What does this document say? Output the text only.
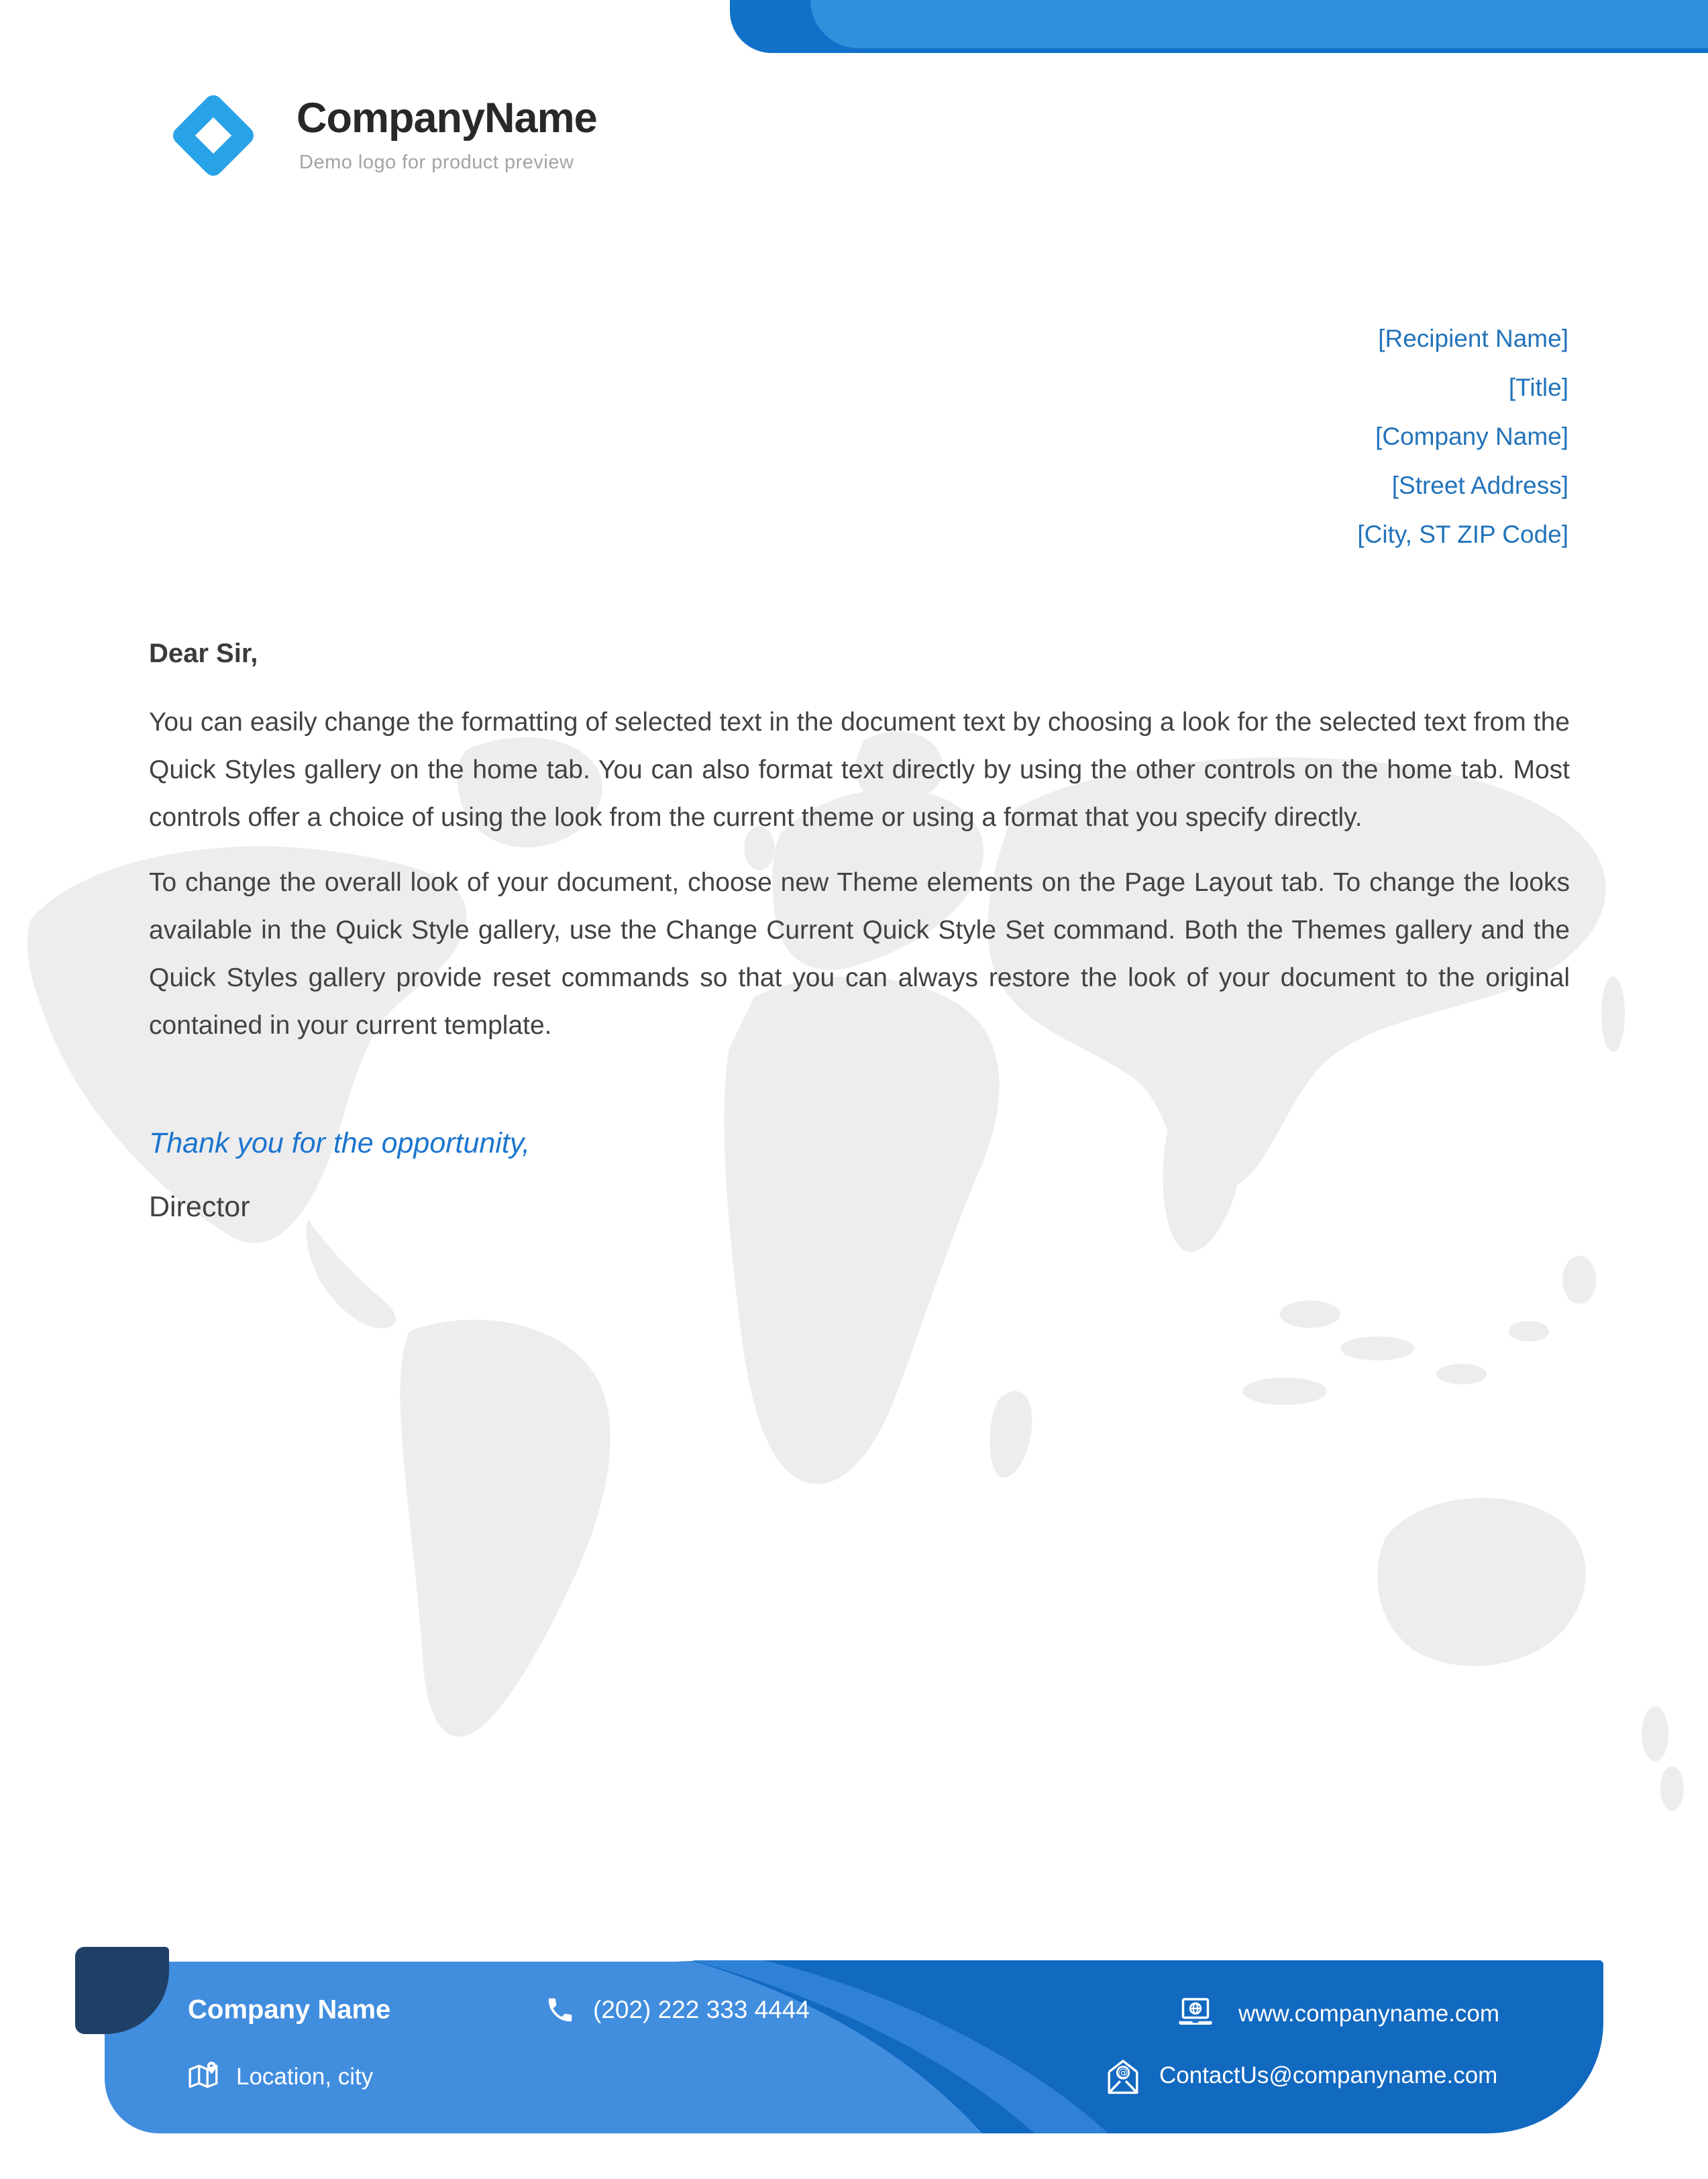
CompanyName
Demo logo for product preview
[Recipient Name]
[Title]
[Company Name]
[Street Address]
[City, ST ZIP Code]
Dear Sir,

You can easily change the formatting of selected text in the document text by choosing a look for the selected text from the Quick Styles gallery on the home tab. You can also format text directly by using the other controls on the home tab. Most controls offer a choice of using the look from the current theme or using a format that you specify directly.

To change the overall look of your document, choose new Theme elements on the Page Layout tab. To change the looks available in the Quick Style gallery, use the Change Current Quick Style Set command. Both the Themes gallery and the Quick Styles gallery provide reset commands so that you can always restore the look of your document to the original contained in your current template.

Thank you for the opportunity,
Director
Company Name	(202) 222 333 4444
Location, city
www.companyname.com
@ ContactUs@companyname.com
